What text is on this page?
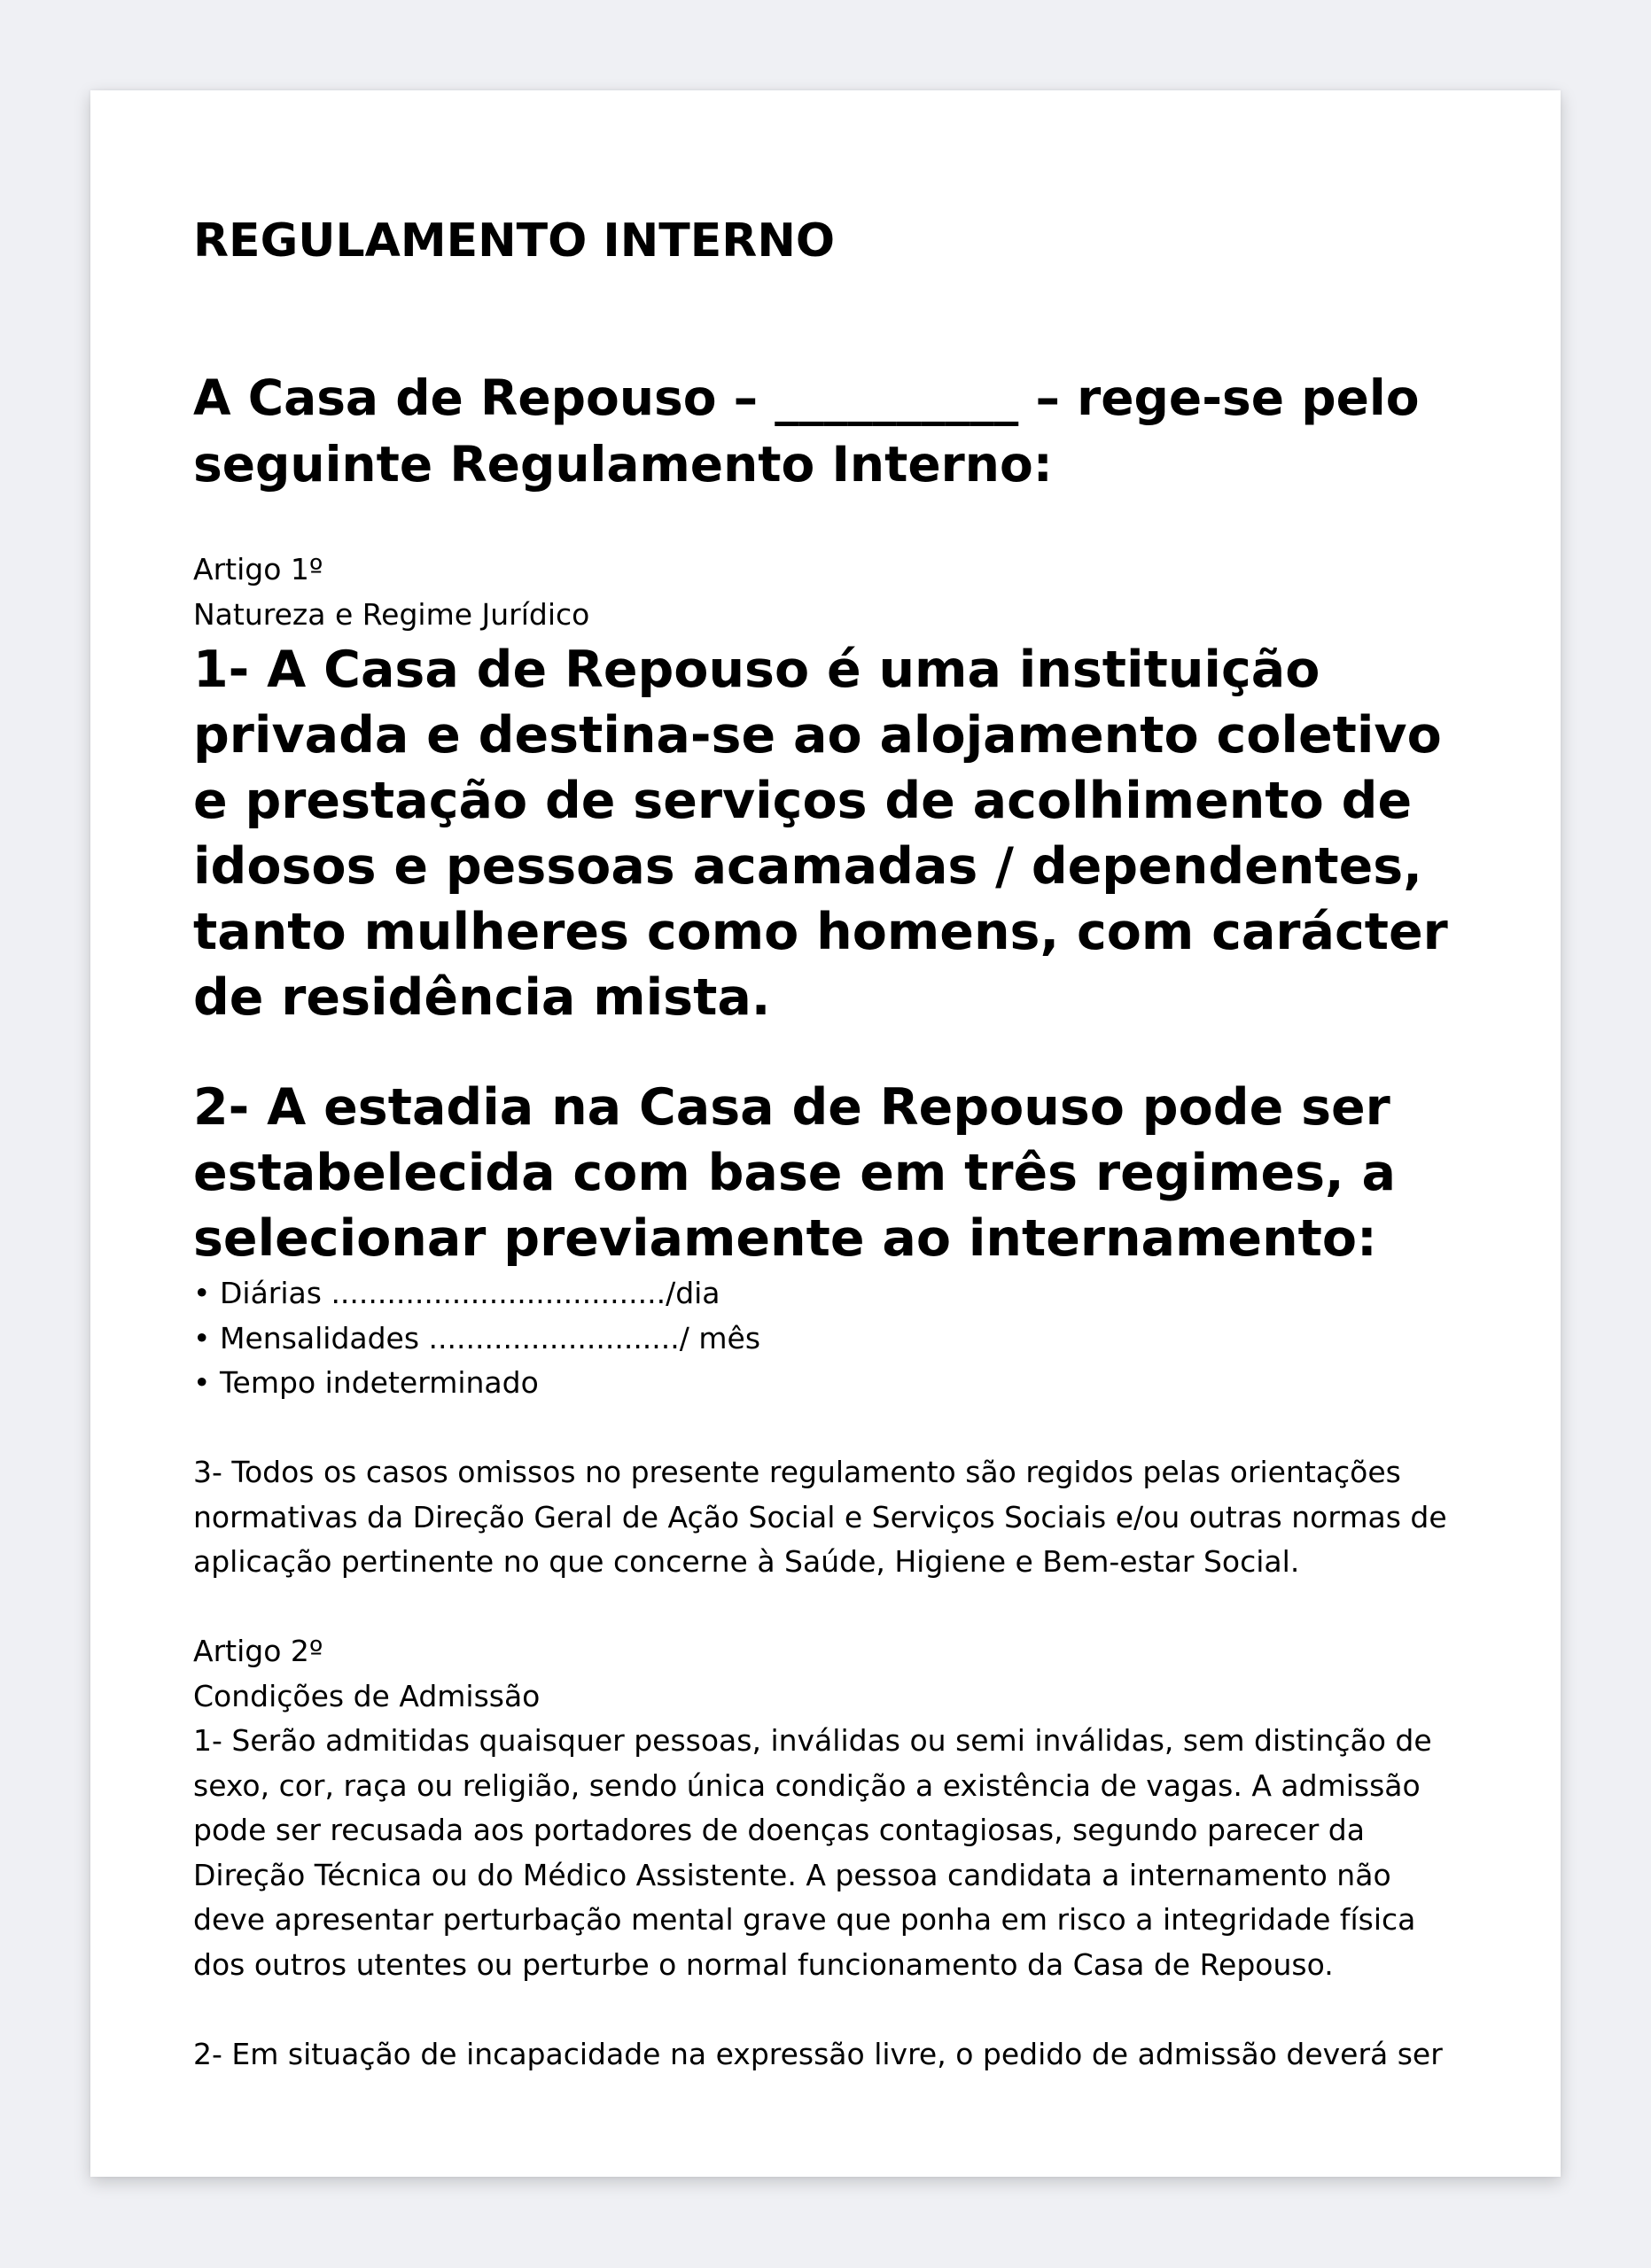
REGULAMENTO INTERNO
A Casa de Repouso – __________ – rege-se pelo seguinte Regulamento Interno:

Artigo 1º

Natureza e Regime Jurídico

1- A Casa de Repouso é uma instituição privada e destina-se ao alojamento coletivo e prestação de serviços de acolhimento de idosos e pessoas acamadas / dependentes, tanto mulheres como homens, com carácter de residência mista.

2- A estadia na Casa de Repouso pode ser estabelecida com base em três regimes, a selecionar previamente ao internamento:

• Diárias ..................................../dia
• Mensalidades .........................../ mês
• Tempo indeterminado

3- Todos os casos omissos no presente regulamento são regidos pelas orientações normativas da Direção Geral de Ação Social e Serviços Sociais e/ou outras normas de aplicação pertinente no que concerne à Saúde, Higiene e Bem-estar Social.

Artigo 2º

Condições de Admissão

1- Serão admitidas quaisquer pessoas, inválidas ou semi inválidas, sem distinção de sexo, cor, raça ou religião, sendo única condição a existência de vagas. A admissão pode ser recusada aos portadores de doenças contagiosas, segundo parecer da Direção Técnica ou do Médico Assistente. A pessoa candidata a internamento não deve apresentar perturbação mental grave que ponha em risco a integridade física dos outros utentes ou perturbe o normal funcionamento da Casa de Repouso.

2- Em situação de incapacidade na expressão livre, o pedido de admissão deverá ser
